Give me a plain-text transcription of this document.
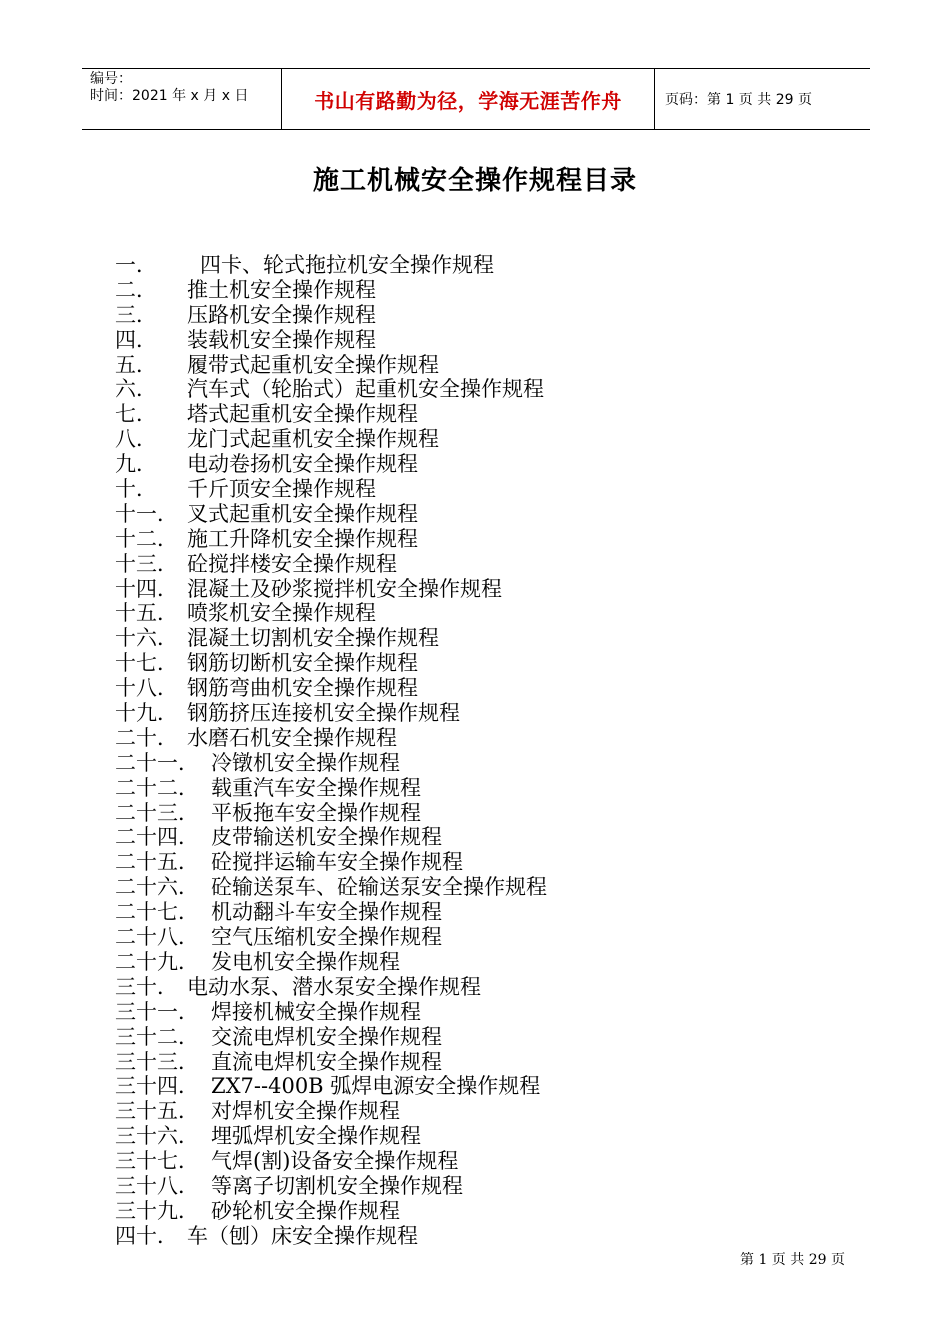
编号：
时间：2021 年 x 月 x 日	书山有路勤为径，学海无涯苦作舟	页码：第 1 页 共 29 页
施工机械安全操作规程目录
一．	四卡、轮式拖拉机安全操作规程
二．	推土机安全操作规程
三．	压路机安全操作规程
四．	装载机安全操作规程
五．	履带式起重机安全操作规程
六．	汽车式（轮胎式）起重机安全操作规程
七．	塔式起重机安全操作规程
八．	龙门式起重机安全操作规程
九．	电动卷扬机安全操作规程
十．	千斤顶安全操作规程
十一． 叉式起重机安全操作规程
十二． 施工升降机安全操作规程
十三． 砼搅拌楼安全操作规程
十四． 混凝土及砂浆搅拌机安全操作规程
十五． 喷浆机安全操作规程
十六． 混凝土切割机安全操作规程
十七． 钢筋切断机安全操作规程
十八． 钢筋弯曲机安全操作规程
十九． 钢筋挤压连接机安全操作规程
二十． 水磨石机安全操作规程
二十一． 冷镦机安全操作规程
二十二． 载重汽车安全操作规程
二十三． 平板拖车安全操作规程
二十四． 皮带输送机安全操作规程
二十五． 砼搅拌运输车安全操作规程
二十六． 砼输送泵车、砼输送泵安全操作规程
二十七． 机动翻斗车安全操作规程
二十八． 空气压缩机安全操作规程
二十九． 发电机安全操作规程
三十． 电动水泵、潜水泵安全操作规程
三十一． 焊接机械安全操作规程
三十二． 交流电焊机安全操作规程
三十三． 直流电焊机安全操作规程
三十四． ZX7--400B 弧焊电源安全操作规程
三十五． 对焊机安全操作规程
三十六． 埋弧焊机安全操作规程
三十七． 气焊(割)设备安全操作规程
三十八． 等离子切割机安全操作规程
三十九． 砂轮机安全操作规程
四十． 车（刨）床安全操作规程
第 1 页 共 29 页
